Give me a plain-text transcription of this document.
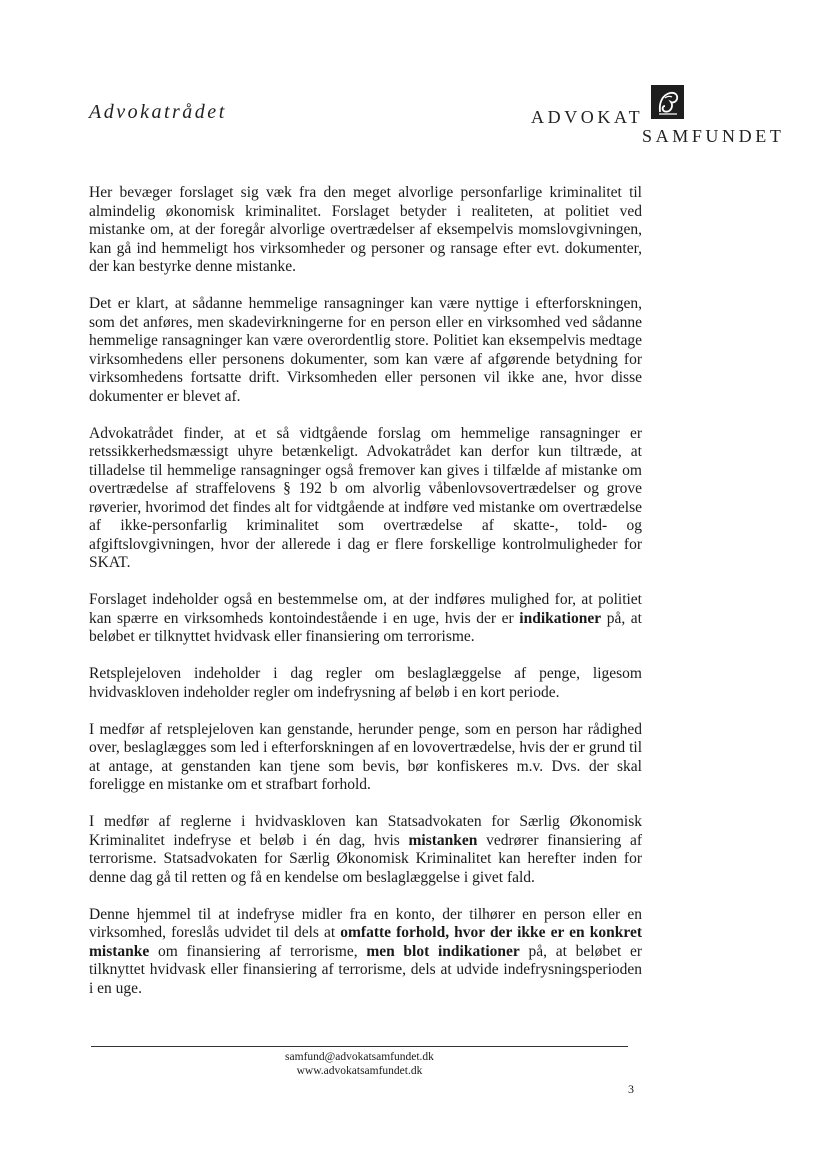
Advokatrådet	ADVOKAT
SAMFUNDET

Her bevæger forslaget sig væk fra den meget alvorlige personfarlige kriminalitet til almindelig økonomisk kriminalitet. Forslaget betyder i realiteten, at politiet ved mistanke om, at der foregår alvorlige overtrædelser af eksempelvis momslovgivningen, kan gå ind hemmeligt hos virksomheder og personer og ransage efter evt. dokumenter, der kan bestyrke denne mistanke.

Det er klart, at sådanne hemmelige ransagninger kan være nyttige i efterforskningen, som det anføres, men skadevirkningerne for en person eller en virksomhed ved sådanne hemmelige ransagninger kan være overordentlig store. Politiet kan eksempelvis medtage virksomhedens eller personens dokumenter, som kan være af afgørende betydning for virksomhedens fortsatte drift. Virksomheden eller personen vil ikke ane, hvor disse dokumenter er blevet af.

Advokatrådet finder, at et så vidtgående forslag om hemmelige ransagninger er retssikkerhedsmæssigt uhyre betænkeligt. Advokatrådet kan derfor kun tiltræde, at tilladelse til hemmelige ransagninger også fremover kan gives i tilfælde af mistanke om overtrædelse af straffelovens § 192 b om alvorlig våbenlovsovertrædelser og grove røverier, hvorimod det findes alt for vidtgående at indføre ved mistanke om overtrædelse af ikke-personfarlig kriminalitet som overtrædelse af skatte-, told- og afgiftslovgivningen, hvor der allerede i dag er flere forskellige kontrolmuligheder for SKAT.

Forslaget indeholder også en bestemmelse om, at der indføres mulighed for, at politiet kan spærre en virksomheds kontoindestående i en uge, hvis der er indikationer på, at beløbet er tilknyttet hvidvask eller finansiering om terrorisme.

Retsplejeloven indeholder i dag regler om beslaglæggelse af penge, ligesom hvidvaskloven indeholder regler om indefrysning af beløb i en kort periode.

I medfør af retsplejeloven kan genstande, herunder penge, som en person har rådighed over, beslaglægges som led i efterforskningen af en lovovertrædelse, hvis der er grund til at antage, at genstanden kan tjene som bevis, bør konfiskeres m.v. Dvs. der skal foreligge en mistanke om et strafbart forhold.

I medfør af reglerne i hvidvaskloven kan Statsadvokaten for Særlig Økonomisk Kriminalitet indefryse et beløb i én dag, hvis mistanken vedrører finansiering af terrorisme. Statsadvokaten for Særlig Økonomisk Kriminalitet kan herefter inden for denne dag gå til retten og få en kendelse om beslaglæggelse i givet fald.

Denne hjemmel til at indefryse midler fra en konto, der tilhører en person eller en virksomhed, foreslås udvidet til dels at omfatte forhold, hvor der ikke er en konkret mistanke om finansiering af terrorisme, men blot indikationer på, at beløbet er tilknyttet hvidvask eller finansiering af terrorisme, dels at udvide indefrysningsperioden i en uge.

samfund@advokatsamfundet.dk
www.advokatsamfundet.dk
3
